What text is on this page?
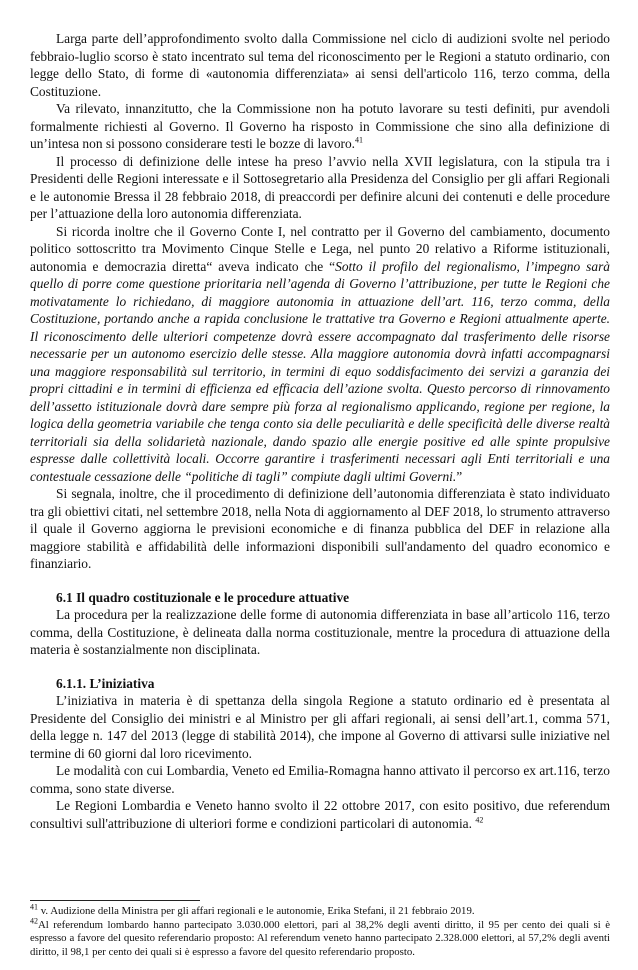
Larga parte dell’approfondimento svolto dalla Commissione nel ciclo di audizioni svolte nel periodo febbraio-luglio scorso è stato incentrato sul tema del riconoscimento per le Regioni a statuto ordinario, con legge dello Stato, di forme di «autonomia differenziata» ai sensi dell'articolo 116, terzo comma, della Costituzione.

Va rilevato, innanzitutto, che la Commissione non ha potuto lavorare su testi definiti, pur avendoli formalmente richiesti al Governo. Il Governo ha risposto in Commissione che sino alla definizione di un’intesa non si possono considerare testi le bozze di lavoro.$^{41}$

Il processo di definizione delle intese ha preso l’avvio nella XVII legislatura, con la stipula tra i Presidenti delle Regioni interessate e il Sottosegretario alla Presidenza del Consiglio per gli affari Regionali e le autonomie Bressa il 28 febbraio 2018, di preaccordi per definire alcuni dei contenuti e delle procedure per l’attuazione della loro autonomia differenziata.

Si ricorda inoltre che il Governo Conte I, nel contratto per il Governo del cambiamento, documento politico sottoscritto tra Movimento Cinque Stelle e Lega, nel punto 20 relativo a Riforme istituzionali, autonomia e democrazia diretta“ aveva indicato che “Sotto il profilo del regionalismo, l’impegno sarà quello di porre come questione prioritaria nell’agenda di Governo l’attribuzione, per tutte le Regioni che motivatamente lo richiedano, di maggiore autonomia in attuazione dell’art. 116, terzo comma, della Costituzione, portando anche a rapida conclusione le trattative tra Governo e Regioni attualmente aperte. Il riconoscimento delle ulteriori competenze dovrà essere accompagnato dal trasferimento delle risorse necessarie per un autonomo esercizio delle stesse. Alla maggiore autonomia dovrà infatti accompagnarsi una maggiore responsabilità sul territorio, in termini di equo soddisfacimento dei servizi a garanzia dei propri cittadini e in termini di efficienza ed efficacia dell’azione svolta. Questo percorso di rinnovamento dell’assetto istituzionale dovrà dare sempre più forza al regionalismo applicando, regione per regione, la logica della geometria variabile che tenga conto sia delle peculiarità e delle specificità delle diverse realtà territoriali sia della solidarietà nazionale, dando spazio alle energie positive ed alle spinte propulsive espresse dalle collettività locali. Occorre garantire i trasferimenti necessari agli Enti territoriali e una contestuale cessazione delle “politiche di tagli” compiute dagli ultimi Governi.”

Si segnala, inoltre, che il procedimento di definizione dell’autonomia differenziata è stato individuato tra gli obiettivi citati, nel settembre 2018, nella Nota di aggiornamento al DEF 2018, lo strumento attraverso il quale il Governo aggiorna le previsioni economiche e di finanza pubblica del DEF in relazione alla maggiore stabilità e affidabilità delle informazioni disponibili sull'andamento del quadro economico e finanziario.

6.1 Il quadro costituzionale e le procedure attuative

La procedura per la realizzazione delle forme di autonomia differenziata in base all’articolo 116, terzo comma, della Costituzione, è delineata dalla norma costituzionale, mentre la procedura di attuazione della materia è sostanzialmente non disciplinata.

6.1.1. L’iniziativa

L’iniziativa in materia è di spettanza della singola Regione a statuto ordinario ed è presentata al Presidente del Consiglio dei ministri e al Ministro per gli affari regionali, ai sensi dell’art.1, comma 571, della legge n. 147 del 2013 (legge di stabilità 2014), che impone al Governo di attivarsi sulle iniziative nel termine di 60 giorni dal loro ricevimento.

Le modalità con cui Lombardia, Veneto ed Emilia-Romagna hanno attivato il percorso ex art.116, terzo comma, sono state diverse.

Le Regioni Lombardia e Veneto hanno svolto il 22 ottobre 2017, con esito positivo, due referendum consultivi sull'attribuzione di ulteriori forme e condizioni particolari di autonomia. $^{42}$

$^{41}$ v. Audizione della Ministra per gli affari regionali e le autonomie, Erika Stefani, il 21 febbraio 2019.

$^{42}$Al referendum lombardo hanno partecipato 3.030.000 elettori, pari al 38,2% degli aventi diritto, il 95 per cento dei quali si è espresso a favore del quesito referendario proposto: Al referendum veneto hanno partecipato 2.328.000 elettori, al 57,2% degli aventi diritto, il 98,1 per cento dei quali si è espresso a favore del quesito referendario proposto.
